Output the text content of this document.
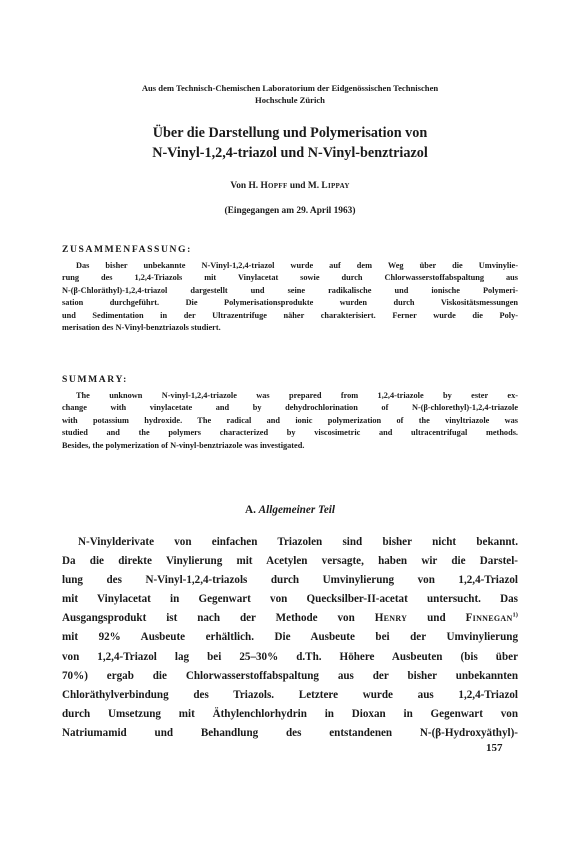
Aus dem Technisch-Chemischen Laboratorium der Eidgenössischen Technischen
Hochschule Zürich
Über die Darstellung und Polymerisation von
N-Vinyl-1,2,4-triazol und N-Vinyl-benztriazol
Von H. Hopff und M. Lippay
(Eingegangen am 29. April 1963)
ZUSAMMENFASSUNG:
Das bisher unbekannte N-Vinyl-1,2,4-triazol wurde auf dem Weg über die Umvinylie-
rung des 1,2,4-Triazols mit Vinylacetat sowie durch Chlorwasserstoffabspaltung aus
N-(β-Chloräthyl)-1,2,4-triazol dargestellt und seine radikalische und ionische Polymeri-
sation durchgeführt. Die Polymerisationsprodukte wurden durch Viskositätsmessungen
und Sedimentation in der Ultrazentrifuge näher charakterisiert. Ferner wurde die Poly-
merisation des N-Vinyl-benztriazols studiert.
SUMMARY:
The unknown N-vinyl-1,2,4-triazole was prepared from 1,2,4-triazole by ester ex-
change with vinylacetate and by dehydrochlorination of N-(β-chlorethyl)-1,2,4-triazole
with potassium hydroxide. The radical and ionic polymerization of the vinyltriazole was
studied and the polymers characterized by viscosimetric and ultracentrifugal methods.
Besides, the polymerization of N-vinyl-benztriazole was investigated.
A. Allgemeiner Teil
N-Vinylderivate von einfachen Triazolen sind bisher nicht bekannt.
Da die direkte Vinylierung mit Acetylen versagte, haben wir die Darstel-
lung des N-Vinyl-1,2,4-triazols durch Umvinylierung von 1,2,4-Triazol
mit Vinylacetat in Gegenwart von Quecksilber-II-acetat untersucht. Das
Ausgangsprodukt ist nach der Methode von Henry und Finnegan$^{1)}$
mit 92% Ausbeute erhältlich. Die Ausbeute bei der Umvinylierung
von 1,2,4-Triazol lag bei 25–30% d.Th. Höhere Ausbeuten (bis über
70%) ergab die Chlorwasserstoffabspaltung aus der bisher unbekannten
Chloräthylverbindung des Triazols. Letztere wurde aus 1,2,4-Triazol
durch Umsetzung mit Äthylenchlorhydrin in Dioxan in Gegenwart von
Natriumamid und Behandlung des entstandenen N-(β-Hydroxyäthyl)-
157
